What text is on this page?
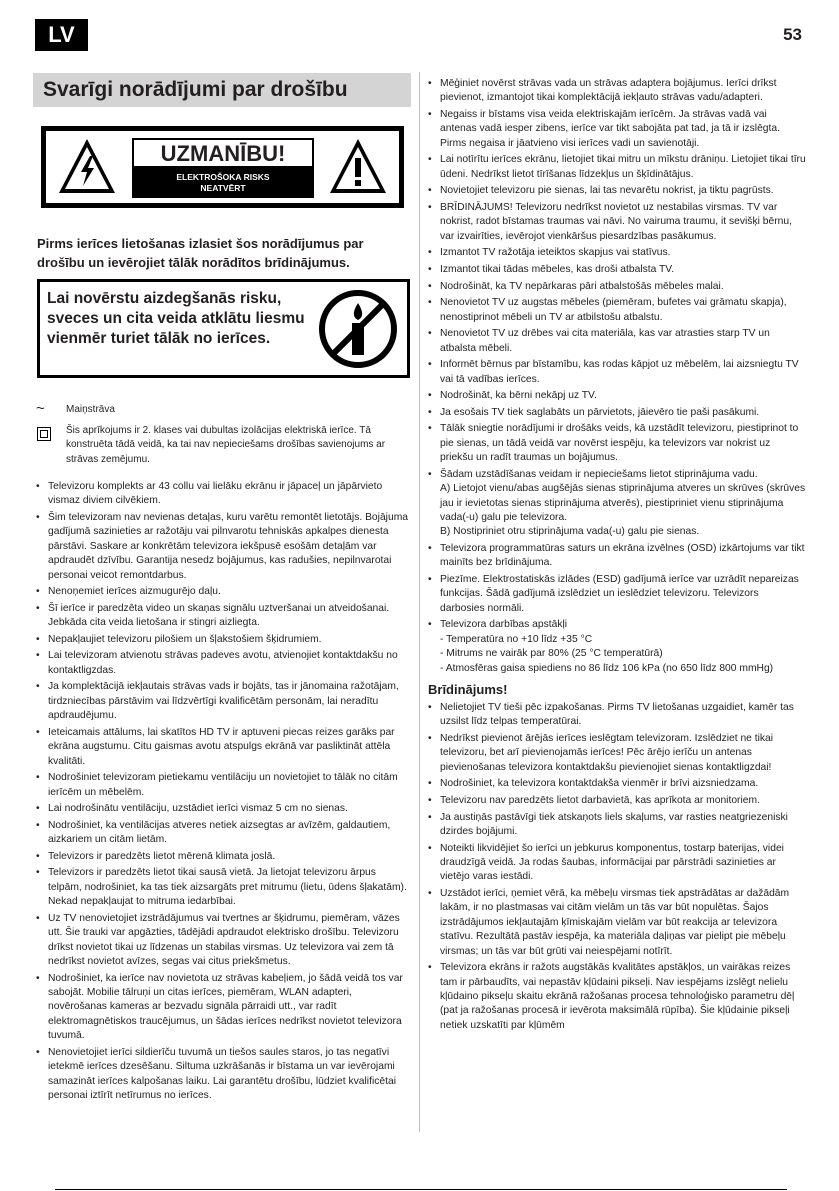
LV	53
Svarīgi norādījumi par drošību
UZMANĪBU!
ELEKTROŠOKA RISKS
NEATVĒRT
Pirms ierīces lietošanas izlasiet šos norādījumus par drošību un ievērojiet tālāk norādītos brīdinājumus.
Lai novērstu aizdegšanās risku, sveces un cita veida atklātu liesmu vienmēr turiet tālāk no ierīces.
~ Maiņstrāva
Šis aprīkojums ir 2. klases vai dubultas izolācijas elektriskā ierīce. Tā konstruēta tādā veidā, ka tai nav nepieciešams drošības savienojums ar strāvas zemējumu.
• Televizoru komplekts ar 43 collu vai lielāku ekrānu ir jāpaceļ un jāpārvieto vismaz diviem cilvēkiem.
• Šim televizoram nav nevienas detaļas, kuru varētu remontēt lietotājs. Bojājuma gadījumā sazinieties ar ražotāju vai pilnvarotu tehniskās apkalpes dienesta pārstāvi. Saskare ar konkrētām televizora iekšpusē esošām detaļām var apdraudēt dzīvību. Garantija nesedz bojājumus, kas radušies, nepilnvarotai personai veicot remontdarbus.
• Nenoņemiet ierīces aizmugurējo daļu.
• Šī ierīce ir paredzēta video un skaņas signālu uztveršanai un atveidošanai. Jebkāda cita veida lietošana ir stingri aizliegta.
• Nepakļaujiet televizoru pilošiem un šļakstošiem šķidrumiem.
• Lai televizoram atvienotu strāvas padeves avotu, atvienojiet kontaktdakšu no kontaktligzdas.
• Ja komplektācijā iekļautais strāvas vads ir bojāts, tas ir jānomaina ražotājam, tirdzniecības pārstāvim vai līdzvērtīgi kvalificētām personām, lai neradītu apdraudējumu.
• Ieteicamais attālums, lai skatītos HD TV ir aptuveni piecas reizes garāks par ekrāna augstumu. Citu gaismas avotu atspulgs ekrānā var pasliktināt attēla kvalitāti.
• Nodrošiniet televizoram pietiekamu ventilāciju un novietojiet to tālāk no citām ierīcēm un mēbelēm.
• Lai nodrošinātu ventilāciju, uzstādiet ierīci vismaz 5 cm no sienas.
• Nodrošiniet, ka ventilācijas atveres netiek aizsegtas ar avīzēm, galdautiem, aizkariem un citām lietām.
• Televizors ir paredzēts lietot mērenā klimata joslā.
• Televizors ir paredzēts lietot tikai sausā vietā. Ja lietojat televizoru ārpus telpām, nodrošiniet, ka tas tiek aizsargāts pret mitrumu (lietu, ūdens šļakatām). Nekad nepakļaujat to mitruma iedarbībai.
• Uz TV nenovietojiet izstrādājumus vai tvertnes ar šķidrumu, piemēram, vāzes utt. Šie trauki var apgāzties, tādējādi apdraudot elektrisko drošību. Televizoru drīkst novietot tikai uz līdzenas un stabilas virsmas. Uz televizora vai zem tā nedrīkst novietot avīzes, segas vai citus priekšmetus.
• Nodrošiniet, ka ierīce nav novietota uz strāvas kabeļiem, jo šādā veidā tos var sabojāt. Mobilie tālruņi un citas ierīces, piemēram, WLAN adapteri, novērošanas kameras ar bezvadu signāla pārraidi utt., var radīt elektromagnētiskos traucējumus, un šādas ierīces nedrīkst novietot televizora tuvumā.
• Nenovietojiet ierīci sildierīču tuvumā un tiešos saules staros, jo tas negatīvi ietekmē ierīces dzesēšanu. Siltuma uzkrāšanās ir bīstama un var ievērojami samazināt ierīces kalpošanas laiku. Lai garantētu drošību, lūdziet kvalificētai personai iztīrīt netīrumus no ierīces.
• Mēģiniet novērst strāvas vada un strāvas adaptera bojājumus. Ierīci drīkst pievienot, izmantojot tikai komplektācijā iekļauto strāvas vadu/adapteri.
• Negaiss ir bīstams visa veida elektriskajām ierīcēm. Ja strāvas vadā vai antenas vadā iesper zibens, ierīce var tikt sabojāta pat tad, ja tā ir izslēgta. Pirms negaisa ir jāatvieno visi ierīces vadi un savienotāji.
• Lai notīrītu ierīces ekrānu, lietojiet tikai mitru un mīkstu drāniņu. Lietojiet tikai tīru ūdeni. Nedrīkst lietot tīrīšanas līdzekļus un šķīdinātājus.
• Novietojiet televizoru pie sienas, lai tas nevarētu nokrist, ja tiktu pagrūsts.
• BRĪDINĀJUMS! Televizoru nedrīkst novietot uz nestabilas virsmas. TV var nokrist, radot bīstamas traumas vai nāvi. No vairuma traumu, it sevišķi bērnu, var izvairīties, ievērojot vienkāršus piesardzības pasākumus.
• Izmantot TV ražotāja ieteiktos skapjus vai statīvus.
• Izmantot tikai tādas mēbeles, kas droši atbalsta TV.
• Nodrošināt, ka TV nepārkaras pāri atbalstošās mēbeles malai.
• Nenovietot TV uz augstas mēbeles (piemēram, bufetes vai grāmatu skapja), nenostiprinot mēbeli un TV ar atbilstošu atbalstu.
• Nenovietot TV uz drēbes vai cita materiāla, kas var atrasties starp TV un atbalsta mēbeli.
• Informēt bērnus par bīstamību, kas rodas kāpjot uz mēbelēm, lai aizsniegtu TV vai tā vadības ierīces.
• Nodrošināt, ka bērni nekāpj uz TV.
• Ja esošais TV tiek saglabāts un pārvietots, jāievēro tie paši pasākumi.
• Tālāk sniegtie norādījumi ir drošāks veids, kā uzstādīt televizoru, piestiprinot to pie sienas, un tādā veidā var novērst iespēju, ka televizors var nokrist uz priekšu un radīt traumas un bojājumus.
• Šādam uzstādīšanas veidam ir nepieciešams lietot stiprinājuma vadu.
A) Lietojot vienu/abas augšējās sienas stiprinājuma atveres un skrūves (skrūves jau ir ievietotas sienas stiprinājuma atverēs), piestipriniet vienu stiprinājuma vada(-u) galu pie televizora.
B) Nostipriniet otru stiprinājuma vada(-u) galu pie sienas.
• Televizora programmatūras saturs un ekrāna izvēlnes (OSD) izkārtojums var tikt mainīts bez brīdinājuma.
• Piezīme. Elektrostatiskās izlādes (ESD) gadījumā ierīce var uzrādīt nepareizas funkcijas. Šādā gadījumā izslēdziet un ieslēdziet televizoru. Televizors darbosies normāli.
• Televizora darbības apstākļi
- Temperatūra no +10 līdz +35 °C
- Mitrums ne vairāk par 80% (25 °C temperatūrā)
- Atmosfēras gaisa spiediens no 86 līdz 106 kPa (no 650 līdz 800 mmHg)
Brīdinājums!
• Nelietojiet TV tieši pēc izpakošanas. Pirms TV lietošanas uzgaidiet, kamēr tas uzsilst līdz telpas temperatūrai.
• Nedrīkst pievienot ārējās ierīces ieslēgtam televizoram. Izslēdziet ne tikai televizoru, bet arī pievienojamās ierīces! Pēc ārējo ierīču un antenas pievienošanas televizora kontaktdakšu pievienojiet sienas kontaktligzdai!
• Nodrošiniet, ka televizora kontaktdakša vienmēr ir brīvi aizsniedzama.
• Televizoru nav paredzēts lietot darbavietā, kas aprīkota ar monitoriem.
• Ja austiņās pastāvīgi tiek atskaņots liels skaļums, var rasties neatgriezeniski dzirdes bojājumi.
• Noteikti likvidējiet šo ierīci un jebkurus komponentus, tostarp baterijas, videi draudzīgā veidā. Ja rodas šaubas, informācijai par pārstrādi sazinieties ar vietējo varas iestādi.
• Uzstādot ierīci, ņemiet vērā, ka mēbeļu virsmas tiek apstrādātas ar dažādām lakām, ir no plastmasas vai citām vielām un tās var būt nopulētas. Šajos izstrādājumos iekļautajām ķīmiskajām vielām var būt reakcija ar televizora statīvu. Rezultātā pastāv iespēja, ka materiāla daļiņas var pielipt pie mēbeļu virsmas; un tās var būt grūti vai neiespējami notīrīt.
• Televizora ekrāns ir ražots augstākās kvalitātes apstākļos, un vairākas reizes tam ir pārbaudīts, vai nepastāv kļūdaini pikseļi. Nav iespējams izslēgt nelielu kļūdaino pikseļu skaitu ekrānā ražošanas procesa tehnoloģisko parametru dēļ (pat ja ražošanas procesā ir ievērota maksimālā rūpība). Šie kļūdainie pikseļi netiek uzskatīti par kļūmēm
